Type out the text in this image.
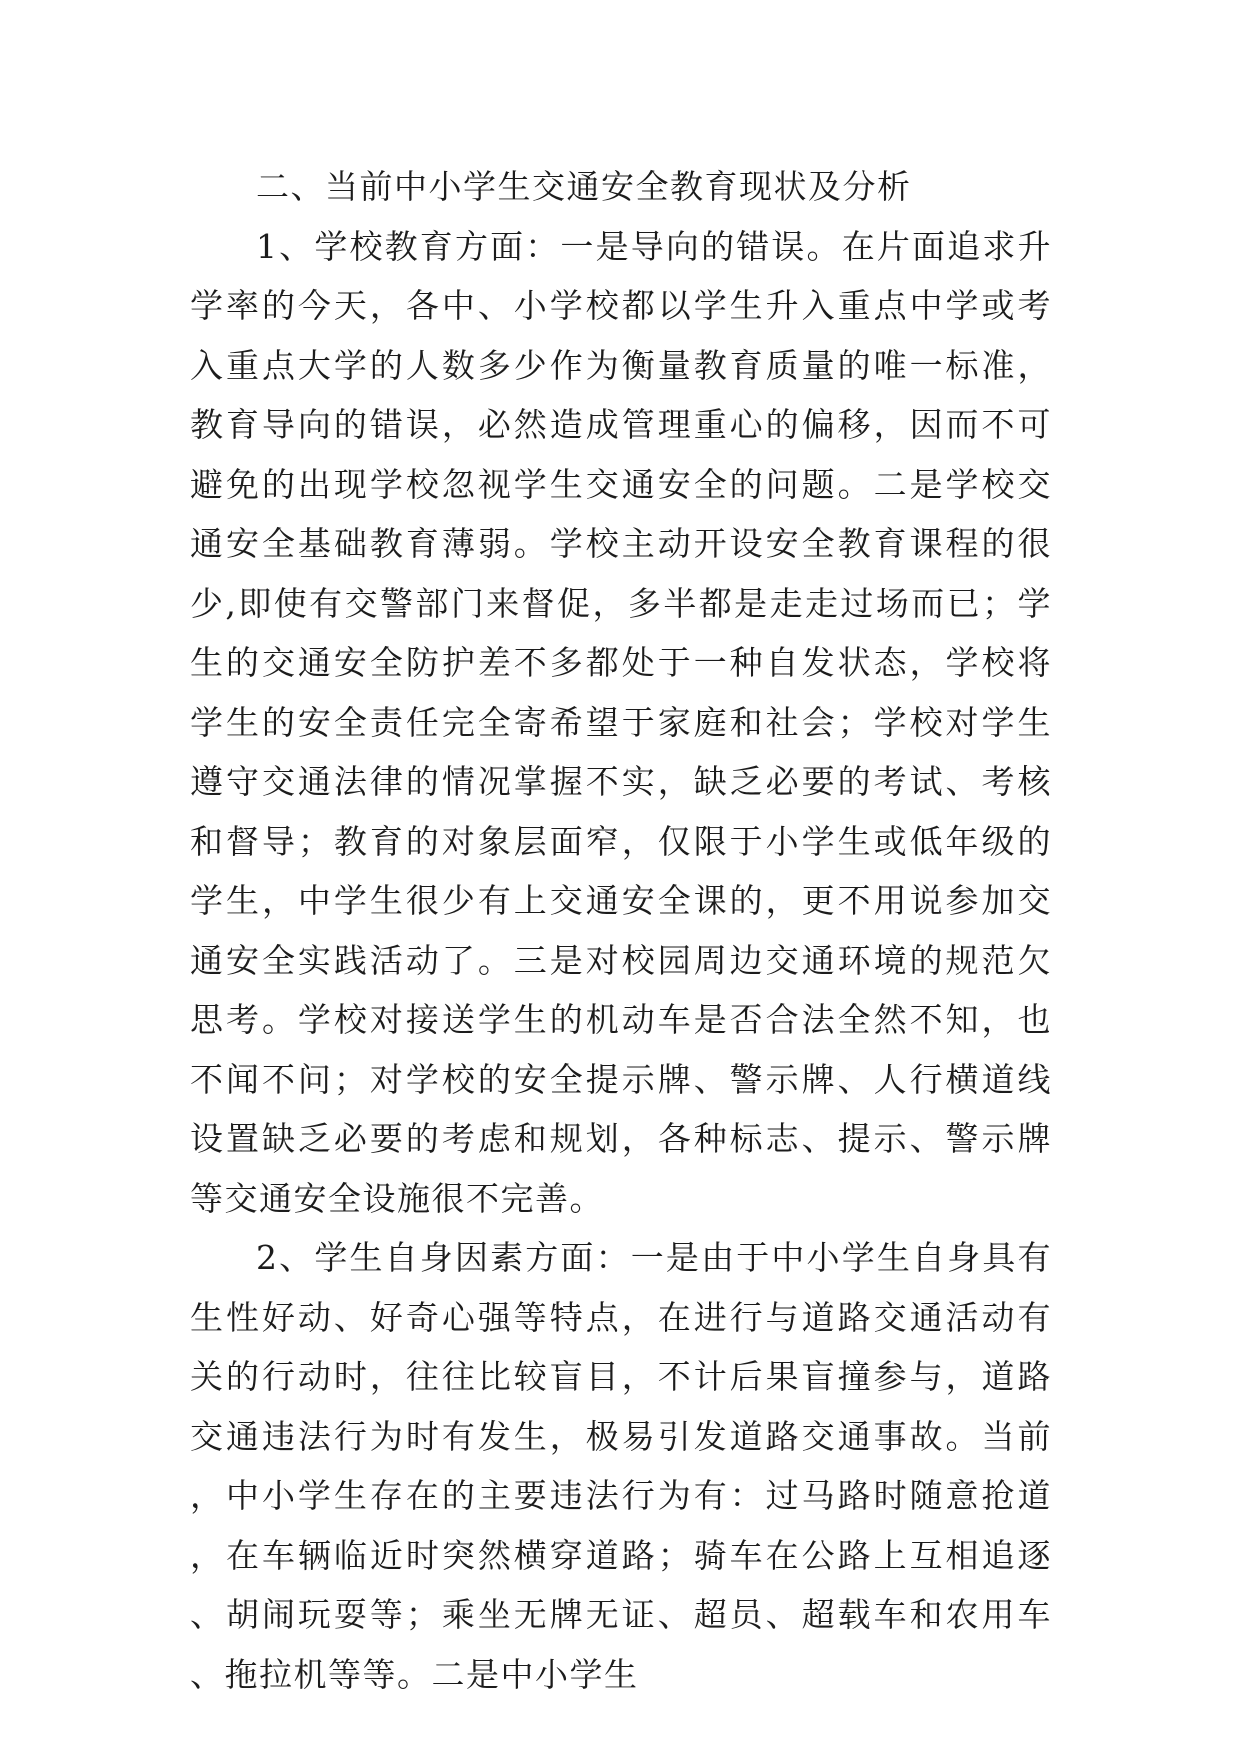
二、当前中小学生交通安全教育现状及分析

1、学校教育方面：一是导向的错误。在片面追求升学率的今天，各中、小学校都以学生升入重点中学或考入重点大学的人数多少作为衡量教育质量的唯一标准，教育导向的错误，必然造成管理重心的偏移，因而不可避免的出现学校忽视学生交通安全的问题。二是学校交通安全基础教育薄弱。学校主动开设安全教育课程的很少,即使有交警部门来督促，多半都是走走过场而已；学生的交通安全防护差不多都处于一种自发状态，学校将学生的安全责任完全寄希望于家庭和社会；学校对学生遵守交通法律的情况掌握不实，缺乏必要的考试、考核和督导；教育的对象层面窄，仅限于小学生或低年级的学生，中学生很少有上交通安全课的，更不用说参加交通安全实践活动了。三是对校园周边交通环境的规范欠思考。学校对接送学生的机动车是否合法全然不知，也不闻不问；对学校的安全提示牌、警示牌、人行横道线设置缺乏必要的考虑和规划，各种标志、提示、警示牌等交通安全设施很不完善。

2、学生自身因素方面：一是由于中小学生自身具有生性好动、好奇心强等特点，在进行与道路交通活动有关的行动时，往往比较盲目，不计后果盲撞参与，道路交通违法行为时有发生，极易引发道路交通事故。当前，中小学生存在的主要违法行为有：过马路时随意抢道，在车辆临近时突然横穿道路；骑车在公路上互相追逐、胡闹玩耍等；乘坐无牌无证、超员、超载车和农用车、拖拉机等等。二是中小学生
